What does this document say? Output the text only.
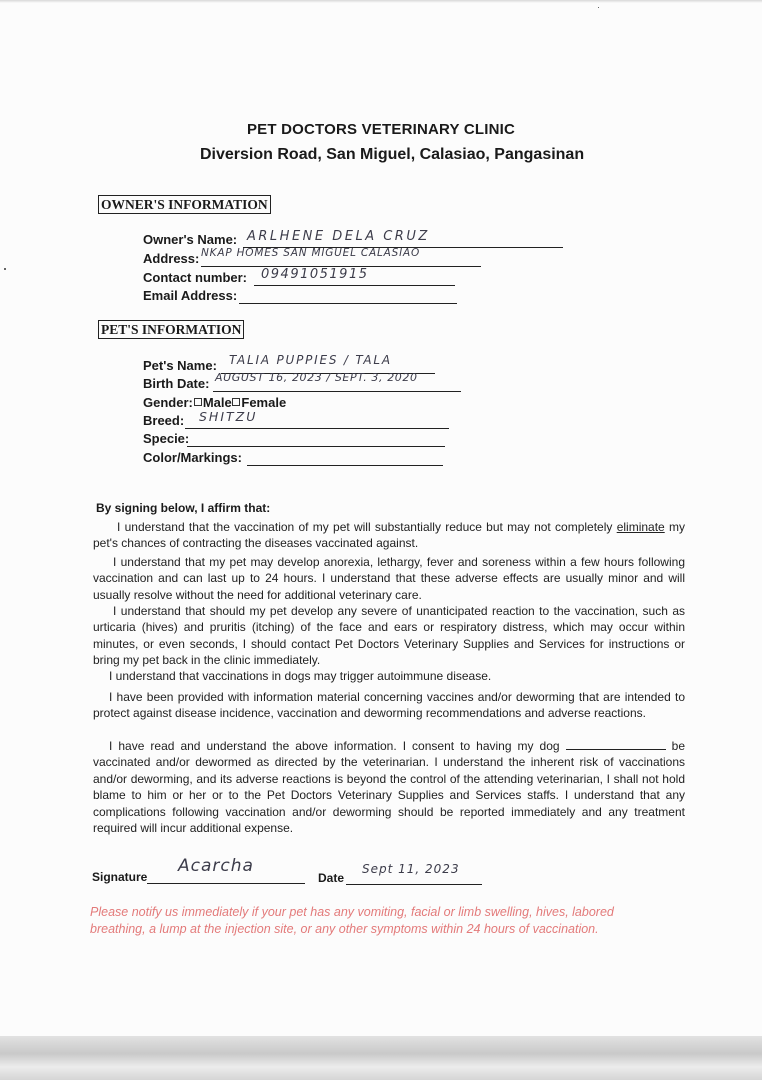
PET DOCTORS VETERINARY CLINIC
Diversion Road, San Miguel, Calasiao, Pangasinan
OWNER'S INFORMATION
Owner's Name: ARLHENE DELA CRUZ
Address: NKAP HOMES SAN MIGUEL CALASIAO
Contact number: 09491051915
Email Address:
PET'S INFORMATION
Pet's Name: TALIA PUPPIES / TALA
Birth Date: AUGUST 16, 2023 / SEPT. 3, 2020
Gender: Male Female
Breed: SHITZU
Specie:
Color/Markings:
By signing below, I affirm that:
I understand that the vaccination of my pet will substantially reduce but may not completely eliminate my pet's chances of contracting the diseases vaccinated against.
I understand that my pet may develop anorexia, lethargy, fever and soreness within a few hours following vaccination and can last up to 24 hours. I understand that these adverse effects are usually minor and will usually resolve without the need for additional veterinary care.
I understand that should my pet develop any severe of unanticipated reaction to the vaccination, such as urticaria (hives) and pruritis (itching) of the face and ears or respiratory distress, which may occur within minutes, or even seconds, I should contact Pet Doctors Veterinary Supplies and Services for instructions or bring my pet back in the clinic immediately.
I understand that vaccinations in dogs may trigger autoimmune disease.
I have been provided with information material concerning vaccines and/or deworming that are intended to protect against disease incidence, vaccination and deworming recommendations and adverse reactions.
I have read and understand the above information. I consent to having my dog	be vaccinated and/or dewormed as directed by the veterinarian. I understand the inherent risk of vaccinations and/or deworming, and its adverse reactions is beyond the control of the attending veterinarian, I shall not hold blame to him or her or to the Pet Doctors Veterinary Supplies and Services staffs. I understand that any complications following vaccination and/or deworming should be reported immediately and any treatment required will incur additional expense.
Signature
Acarcha
Date
Sept 11, 2023
Please notify us immediately if your pet has any vomiting, facial or limb swelling, hives, labored breathing, a lump at the injection site, or any other symptoms within 24 hours of vaccination.
